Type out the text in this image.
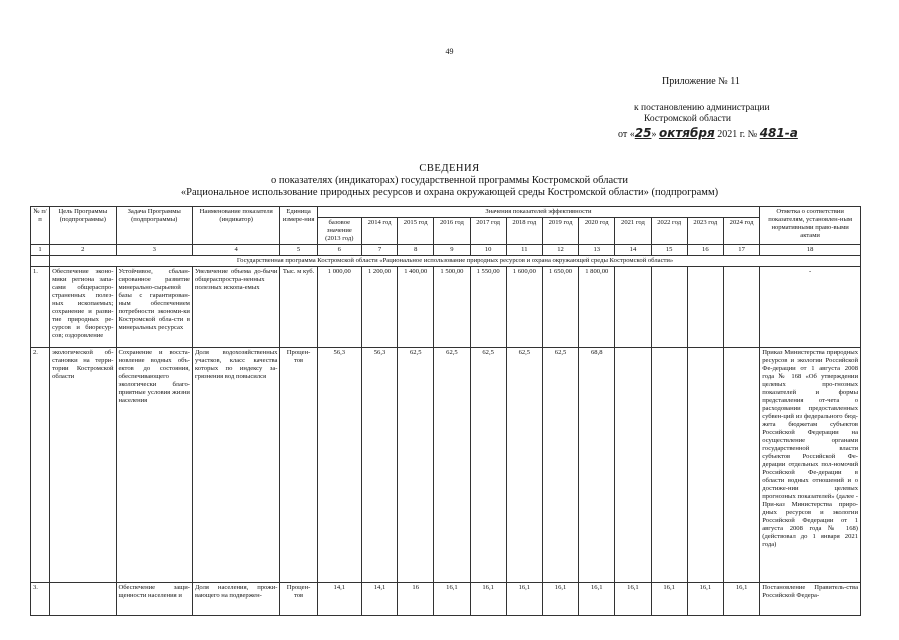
49
Приложение № 11
к постановлению администрации
Костромской области
от «25» октября 2021 г. № 481-а
СВЕДЕНИЯ
о показателях (индикаторах) государственной программы Костромской области
«Рациональное использование природных ресурсов и охрана окружающей среды Костромской области» (подпрограмм)
№ п/п	Цель Программы (подпрограммы)	Задача Программы (подпрограммы)	Наименование показателя (индикатор)	Единица измере-ния	Значения показателей эффективности												Отметка о соответствии показателям, установлен-ным нормативными право-выми актами
					базовое значение (2013 год)	2014 год	2015 год	2016 год	2017 год	2018 год	2019 год	2020 год	2021 год	2022 год	2023 год	2024 год	
1	2	3	4	5	6	7	8	9	10	11	12	13	14	15	16	17	18
	Государственная программа Костромской области «Рациональное использование природных ресурсов и охрана окружающей среды Костромской области»																
1.	Обеспечение эконо-мики региона запа-сами общераспро-страненных полез-ных ископаемых; сохранение и разви-тие природных ре-сурсов и биоресур-сов; оздоровление	Устойчивое, сбалан-сированное развитие минерально-сырьевой базы с гарантирован-ным обеспечением потребности экономи-ки Костромской обла-сти в минеральных ресурсах	Увеличение объема до-бычи общераспростра-ненных полезных ископа-емых	Тыс. м куб.	1 000,00	1 200,00	1 400,00	1 500,00	1 550,00	1 600,00	1 650,00	1 800,00					-
2.	экологической об-становки на терри-тории Костромской области	Сохранение и восста-новление водных объ-ектов до состояния, обеспечивающего экологически благо-приятные условия жизни населения	Доля водохозяйственных участков, класс качества которых по индексу за-грязнения вод повысился	Процен-тов	56,3	56,3	62,5	62,5	62,5	62,5	62,5	68,8					Приказ Министерства природных ресурсов и экологии Российской Фе-дерации от 1 августа 2008 года № 168 «Об утверждении целевых про-гнозных показателей и формы представления от-чета о расходовании предоставленных субвен-ций из федерального бюд-жета бюджетам субъектов Российской Федерации на осуществление органами государственной власти субъектов Российской Фе-дерации отдельных пол-номочий Российской Фе-дерации в области водных отношений и о достиже-нии целевых прогнозных показателей» (далее - При-каз Министерства приро-дных ресурсов и экологии Российской Федерации от 1 августа 2008 года № 168) (действовал до 1 января 2021 года)
3.		Обеспечение защи-щенности населения и	Доля населения, прожи-вающего на подвержен-	Процен-тов	14,1	14,1	16	16,1	16,1	16,1	16,1	16,1	16,1	16,1	16,1	16,1	Постановление Правитель-ства Российской Федера-
